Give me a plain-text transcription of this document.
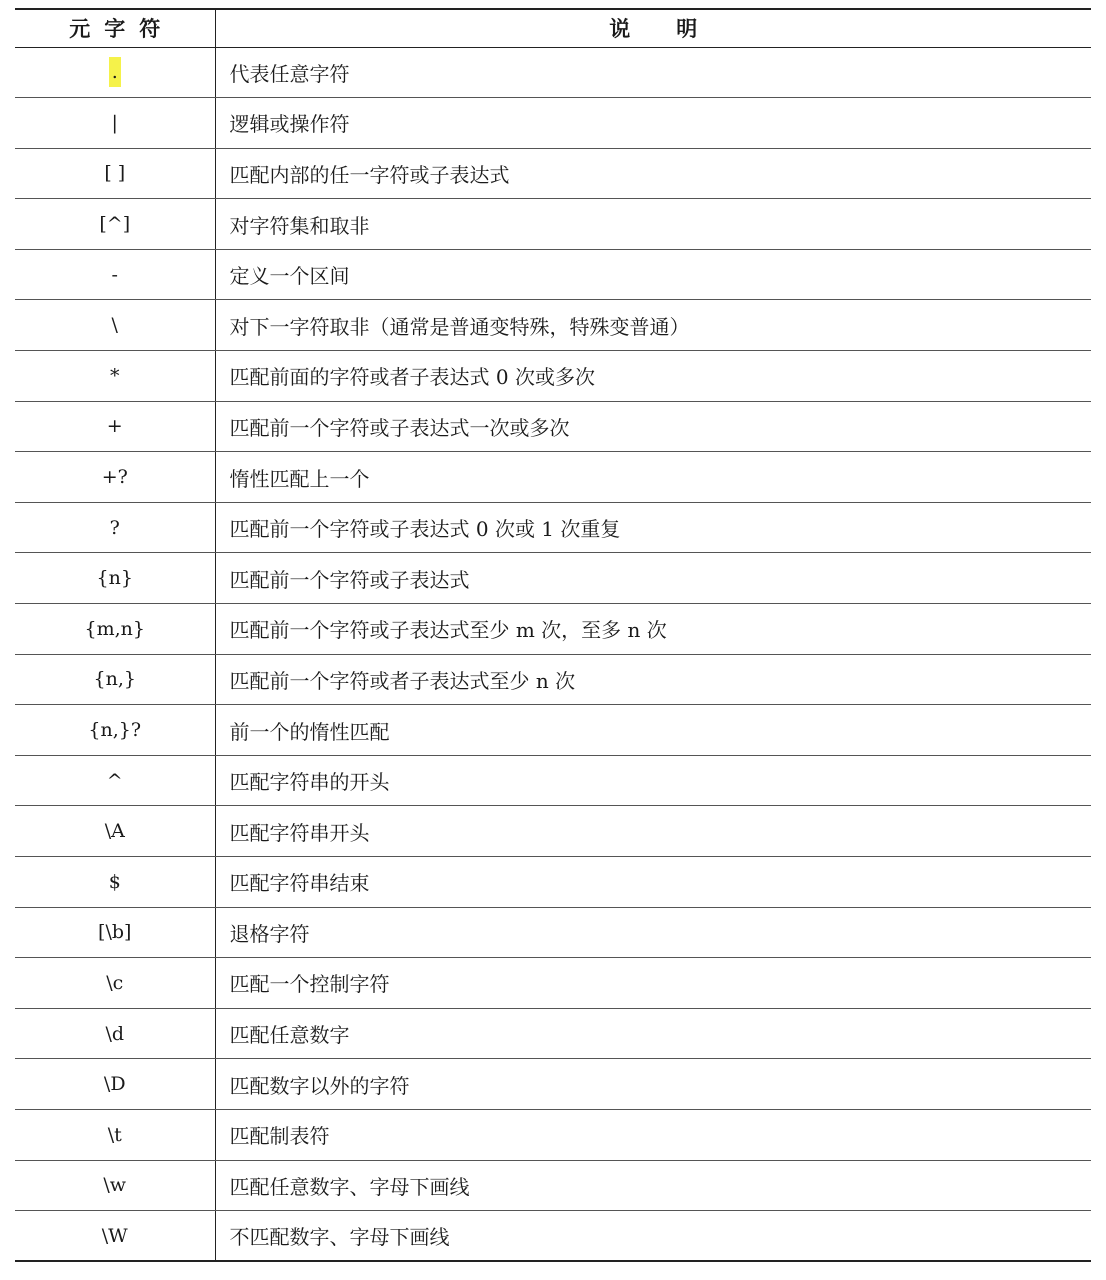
元字符	说明
.	代表任意字符
|	逻辑或操作符
[ ]	匹配内部的任一字符或子表达式
[^]	对字符集和取非
-	定义一个区间
\	对下一字符取非（通常是普通变特殊，特殊变普通）
*	匹配前面的字符或者子表达式 0 次或多次
+	匹配前一个字符或子表达式一次或多次
+?	惰性匹配上一个
?	匹配前一个字符或子表达式 0 次或 1 次重复
{n}	匹配前一个字符或子表达式
{m,n}	匹配前一个字符或子表达式至少 m 次，至多 n 次
{n,}	匹配前一个字符或者子表达式至少 n 次
{n,}?	前一个的惰性匹配
^	匹配字符串的开头
\A	匹配字符串开头
$	匹配字符串结束
[\b]	退格字符
\c	匹配一个控制字符
\d	匹配任意数字
\D	匹配数字以外的字符
\t	匹配制表符
\w	匹配任意数字、字母下画线
\W	不匹配数字、字母下画线
